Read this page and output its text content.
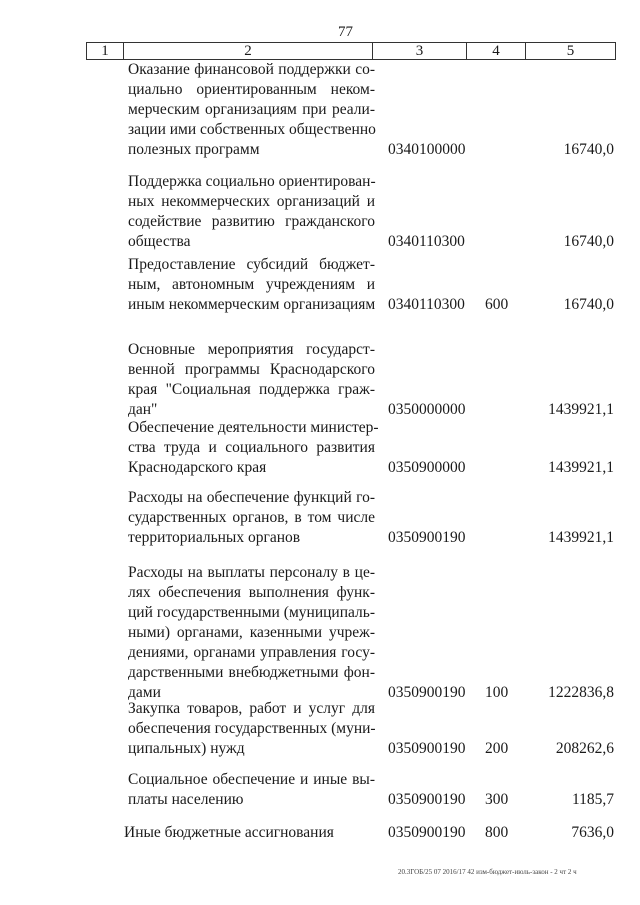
77
1	2	3	4	5
Оказание финансовой поддержки со-
циально ориентированным неком-
мерческим организациям при реали-
зации ими собственных общественно
полезных программ	0340100000	16740,0
Поддержка социально ориентирован-
ных некоммерческих организаций и
содействие развитию гражданского
общества	0340110300	16740,0
Предоставление субсидий бюджет-
ным, автономным учреждениям и
иным некоммерческим организациям 0340110300 600	16740,0
Основные мероприятия государст-
венной программы Краснодарского
края "Социальная поддержка граж-
дан"	0350000000	1439921,1
Обеспечение деятельности министер-
ства труда и социального развития
Краснодарского края	0350900000	1439921,1
Расходы на обеспечение функций го-
сударственных органов, в том числе
территориальных органов	0350900190	1439921,1
Расходы на выплаты персоналу в це-
лях обеспечения выполнения функ-
ций государственными (муниципаль-
ными) органами, казенными учреж-
дениями, органами управления госу-
дарственными внебюджетными фон-
дами	0350900190 100	1222836,8
Закупка товаров, работ и услуг для
обеспечения государственных (муни-
ципальных) нужд	0350900190 200	208262,6
Социальное обеспечение и иные вы-
платы населению	0350900190 300	1185,7
Иные бюджетные ассигнования	0350900190 800	7636,0
20.3ГОБ/25 07 2016/17 42 изм-бюджет-июль-закон - 2 чт 2 ч
